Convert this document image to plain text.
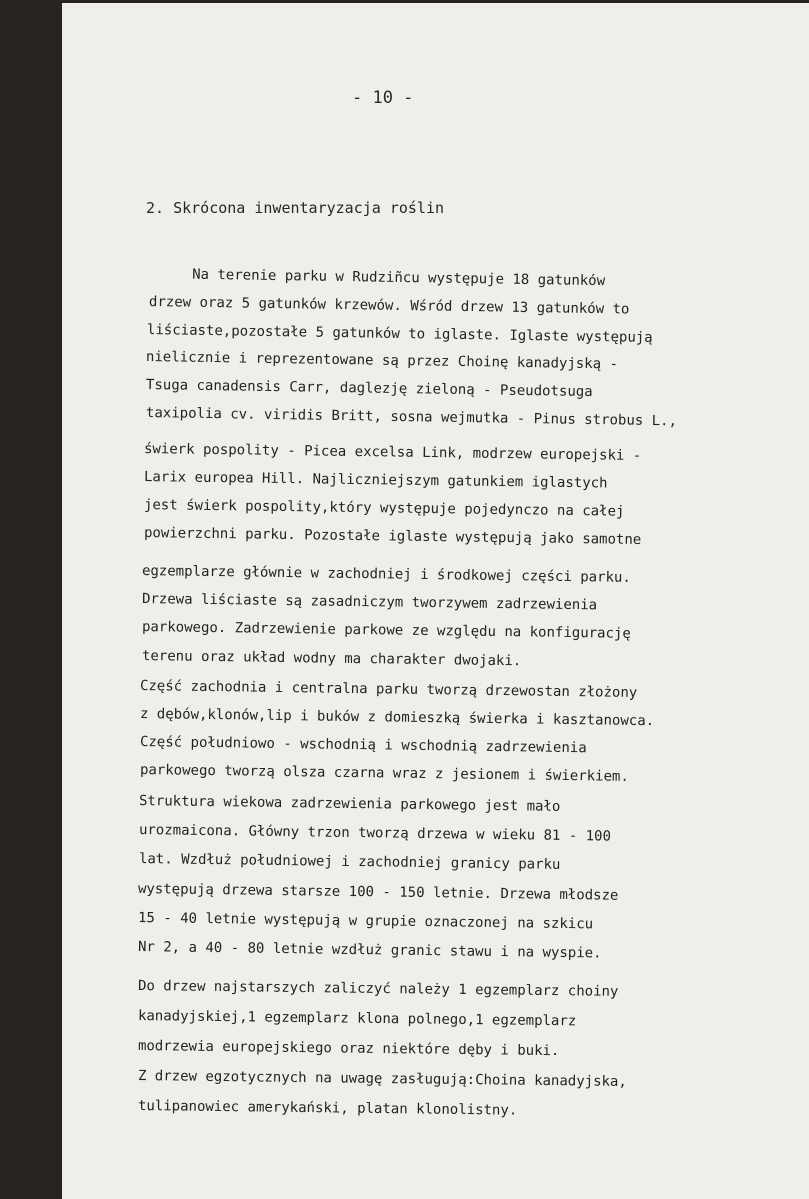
- 10 -
2. Skrócona inwentaryzacja roślin
Na terenie parku w Rudziñcu występuje 18 gatunków
drzew oraz 5 gatunków krzewów. Wśród drzew 13 gatunków to
liściaste,pozostałe 5 gatunków to iglaste. Iglaste występują
nielicznie i reprezentowane są przez Choinę kanadyjską -
Tsuga canadensis Carr, daglezję zieloną - Pseudotsuga
taxipolia cv. viridis Britt, sosna wejmutka - Pinus strobus L.,
świerk pospolity - Picea excelsa Link, modrzew europejski -
Larix europea Hill. Najliczniejszym gatunkiem iglastych
jest świerk pospolity,który występuje pojedynczo na całej
powierzchni parku. Pozostałe iglaste występują jako samotne
egzemplarze głównie w zachodniej i środkowej części parku.
Drzewa liściaste są zasadniczym tworzywem zadrzewienia
parkowego. Zadrzewienie parkowe ze względu na konfigurację
terenu oraz układ wodny ma charakter dwojaki.
Część zachodnia i centralna parku tworzą drzewostan złożony
z dębów,klonów,lip i buków z domieszką świerka i kasztanowca.
Część południowo - wschodnią i wschodnią zadrzewienia
parkowego tworzą olsza czarna wraz z jesionem i świerkiem.
Struktura wiekowa zadrzewienia parkowego jest mało
urozmaicona. Główny trzon tworzą drzewa w wieku 81 - 100
lat. Wzdłuż południowej i zachodniej granicy parku
występują drzewa starsze 100 - 150 letnie. Drzewa młodsze
15 - 40 letnie występują w grupie oznaczonej na szkicu
Nr 2, a 40 - 80 letnie wzdłuż granic stawu i na wyspie.
Do drzew najstarszych zaliczyć należy 1 egzemplarz choiny
kanadyjskiej,1 egzemplarz klona polnego,1 egzemplarz
modrzewia europejskiego oraz niektóre dęby i buki.
Z drzew egzotycznych na uwagę zasługują:Choina kanadyjska,
tulipanowiec amerykański, platan klonolistny.
